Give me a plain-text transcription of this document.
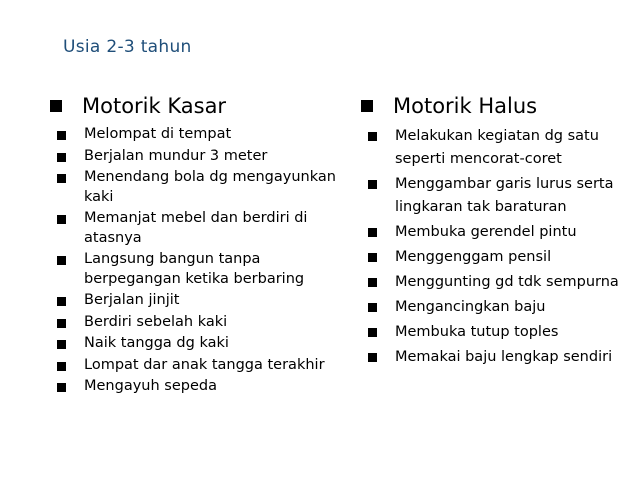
Usia 2-3 tahun
Motorik Kasar
Melompat di tempat
Berjalan mundur 3 meter
Menendang bola dg mengayunkan kaki
Memanjat mebel dan berdiri di atasnya
Langsung bangun tanpa berpegangan ketika berbaring
Berjalan jinjit
Berdiri sebelah kaki
Naik tangga dg kaki
Lompat dar anak tangga terakhir
Mengayuh sepeda
Motorik Halus
Melakukan kegiatan dg satu seperti mencorat-coret
Menggambar garis lurus serta lingkaran tak baraturan
Membuka gerendel pintu
Menggenggam pensil
Menggunting gd tdk sempurna
Mengancingkan baju
Membuka tutup toples
Memakai baju lengkap sendiri
